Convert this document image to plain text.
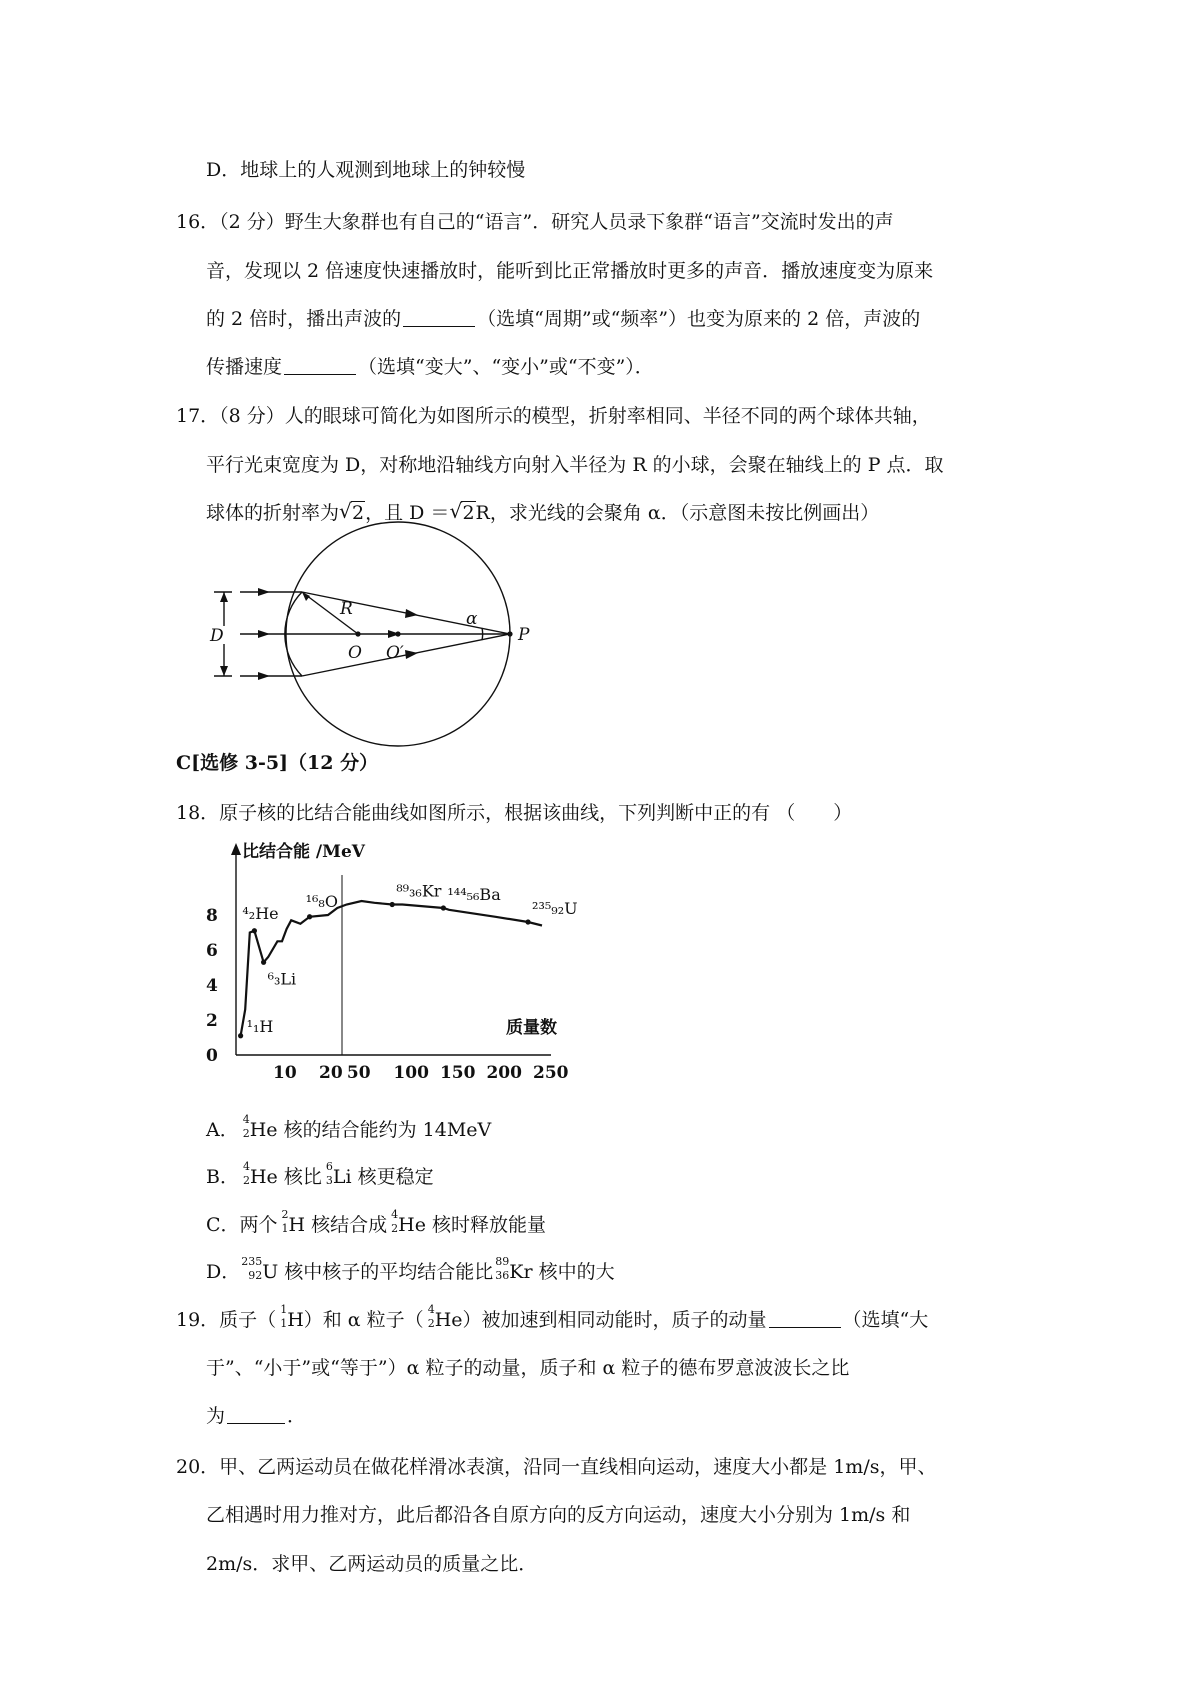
D．地球上的人观测到地球上的钟较慢
16．（2 分）野生大象群也有自己的“语言”．研究人员录下象群“语言”交流时发出的声
音，发现以 2 倍速度快速播放时，能听到比正常播放时更多的声音．播放速度变为原来
的 2 倍时，播出声波的	（选填“周期”或“频率”）也变为原来的 2 倍，声波的
传播速度	（选填“变大”、“变小”或“不变”）．
17．（8 分）人的眼球可简化为如图所示的模型，折射率相同、半径不同的两个球体共轴，
平行光束宽度为 D，对称地沿轴线方向射入半径为 R 的小球，会聚在轴线上的 P 点．取
球体的折射率为 √ 2，且 D ＝ √ 2R，求光线的会聚角 α．（示意图未按比例画出）
D
R
O O′
P
α
C[选修 3-5]（12 分）
18．原子核的比结合能曲线如图所示，根据该曲线，下列判断中正的有 （　　）
比结合能 /MeV
质量数
8
6
4
2
0
10 20 50 100 150 200 250
¹₁H
⁴₂He
⁶₃Li
¹⁶₈O
⁸⁹₃₆Kr ¹⁴⁴₅₆Ba
²³⁵₉₂U
A． 4
2 He 核的结合能约为 14MeV
B． 4
2 He 核比 6
3 Li 核更稳定
C．两个 2
1 H 核结合成 4
2 He 核时释放能量
D． 235
92 U 核中核子的平均结合能比 89
36 Kr 核中的大
19．质子（ 1
1 H）和 α 粒子（ 4
2 He）被加速到相同动能时，质子的动量	（选填“大
于”、“小于”或“等于”）α 粒子的动量，质子和 α 粒子的德布罗意波波长之比
为	．
20．甲、乙两运动员在做花样滑冰表演，沿同一直线相向运动，速度大小都是 1m/s，甲、
乙相遇时用力推对方，此后都沿各自原方向的反方向运动，速度大小分别为 1m/s 和
2m/s．求甲、乙两运动员的质量之比．
